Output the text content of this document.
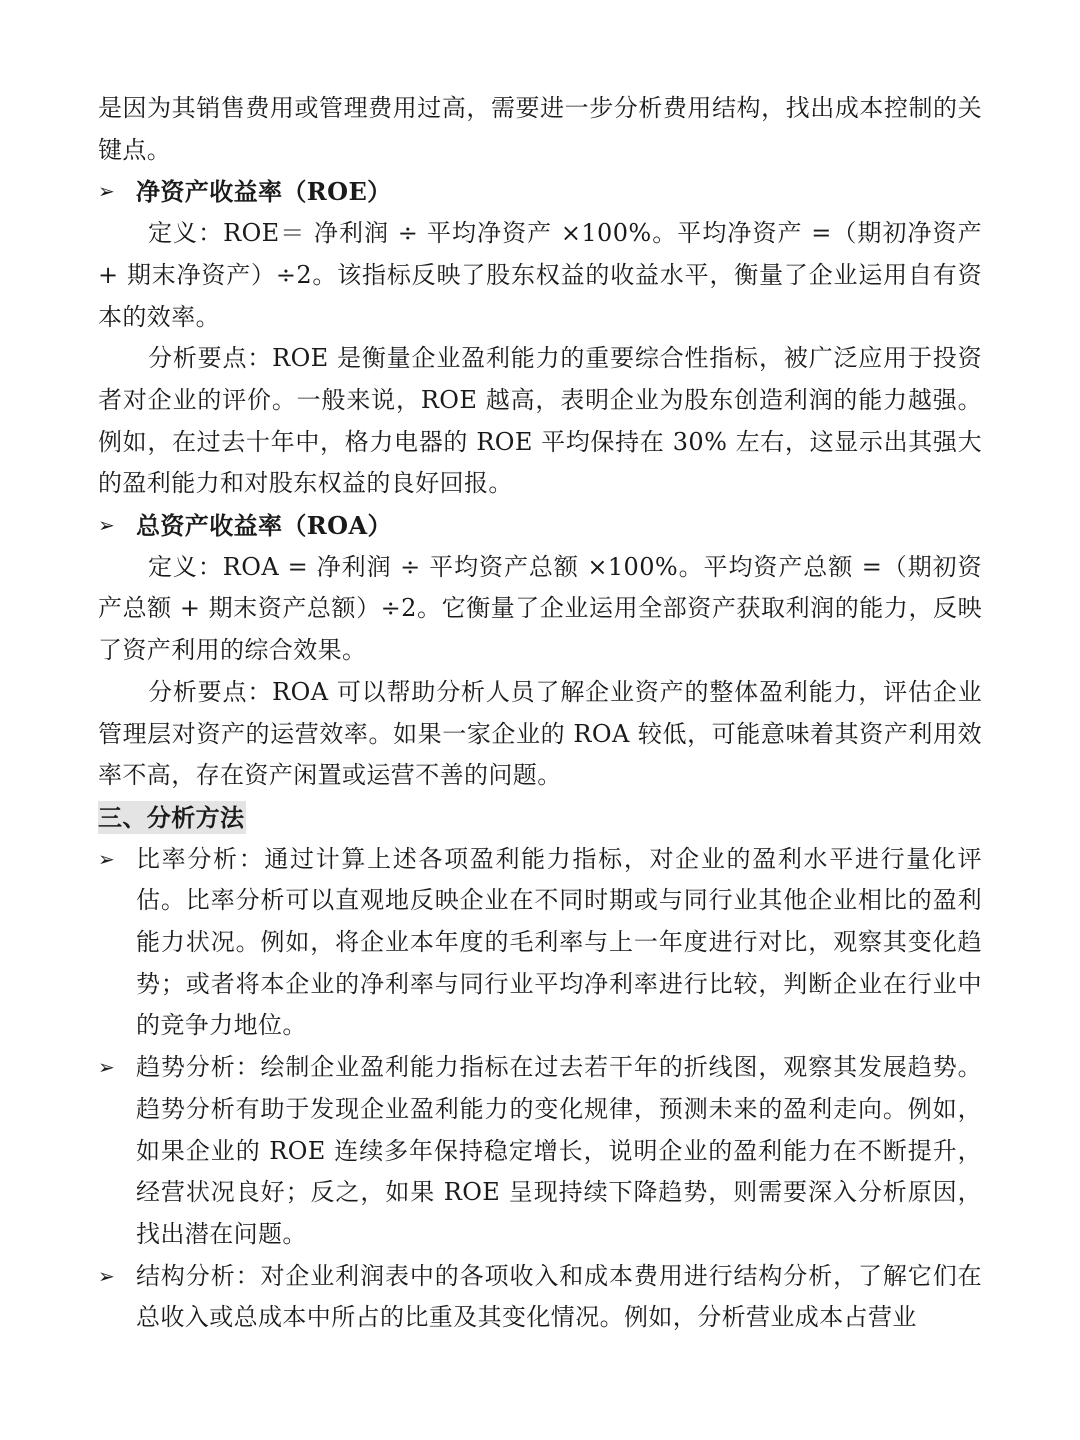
是因为其销售费用或管理费用过高，需要进一步分析费用结构，找出成本控制的关键点。

➢ 净资产收益率（ROE）

定义：ROE＝ 净利润 ÷ 平均净资产 ×100%。平均净资产 =（期初净资产 + 期末净资产）÷2。该指标反映了股东权益的收益水平，衡量了企业运用自有资本的效率。

分析要点：ROE 是衡量企业盈利能力的重要综合性指标，被广泛应用于投资者对企业的评价。一般来说，ROE 越高，表明企业为股东创造利润的能力越强。例如，在过去十年中，格力电器的 ROE 平均保持在 30% 左右，这显示出其强大的盈利能力和对股东权益的良好回报。

➢ 总资产收益率（ROA）

定义：ROA = 净利润 ÷ 平均资产总额 ×100%。平均资产总额 =（期初资产总额 + 期末资产总额）÷2。它衡量了企业运用全部资产获取利润的能力，反映了资产利用的综合效果。

分析要点：ROA 可以帮助分析人员了解企业资产的整体盈利能力，评估企业管理层对资产的运营效率。如果一家企业的 ROA 较低，可能意味着其资产利用效率不高，存在资产闲置或运营不善的问题。

三、分析方法

➢ 比率分析：通过计算上述各项盈利能力指标，对企业的盈利水平进行量化评估。比率分析可以直观地反映企业在不同时期或与同行业其他企业相比的盈利能力状况。例如，将企业本年度的毛利率与上一年度进行对比，观察其变化趋势；或者将本企业的净利率与同行业平均净利率进行比较，判断企业在行业中的竞争力地位。

➢ 趋势分析：绘制企业盈利能力指标在过去若干年的折线图，观察其发展趋势。趋势分析有助于发现企业盈利能力的变化规律，预测未来的盈利走向。例如，如果企业的 ROE 连续多年保持稳定增长，说明企业的盈利能力在不断提升，经营状况良好；反之，如果 ROE 呈现持续下降趋势，则需要深入分析原因，找出潜在问题。

➢ 结构分析：对企业利润表中的各项收入和成本费用进行结构分析，了解它们在总收入或总成本中所占的比重及其变化情况。例如，分析营业成本占营业
